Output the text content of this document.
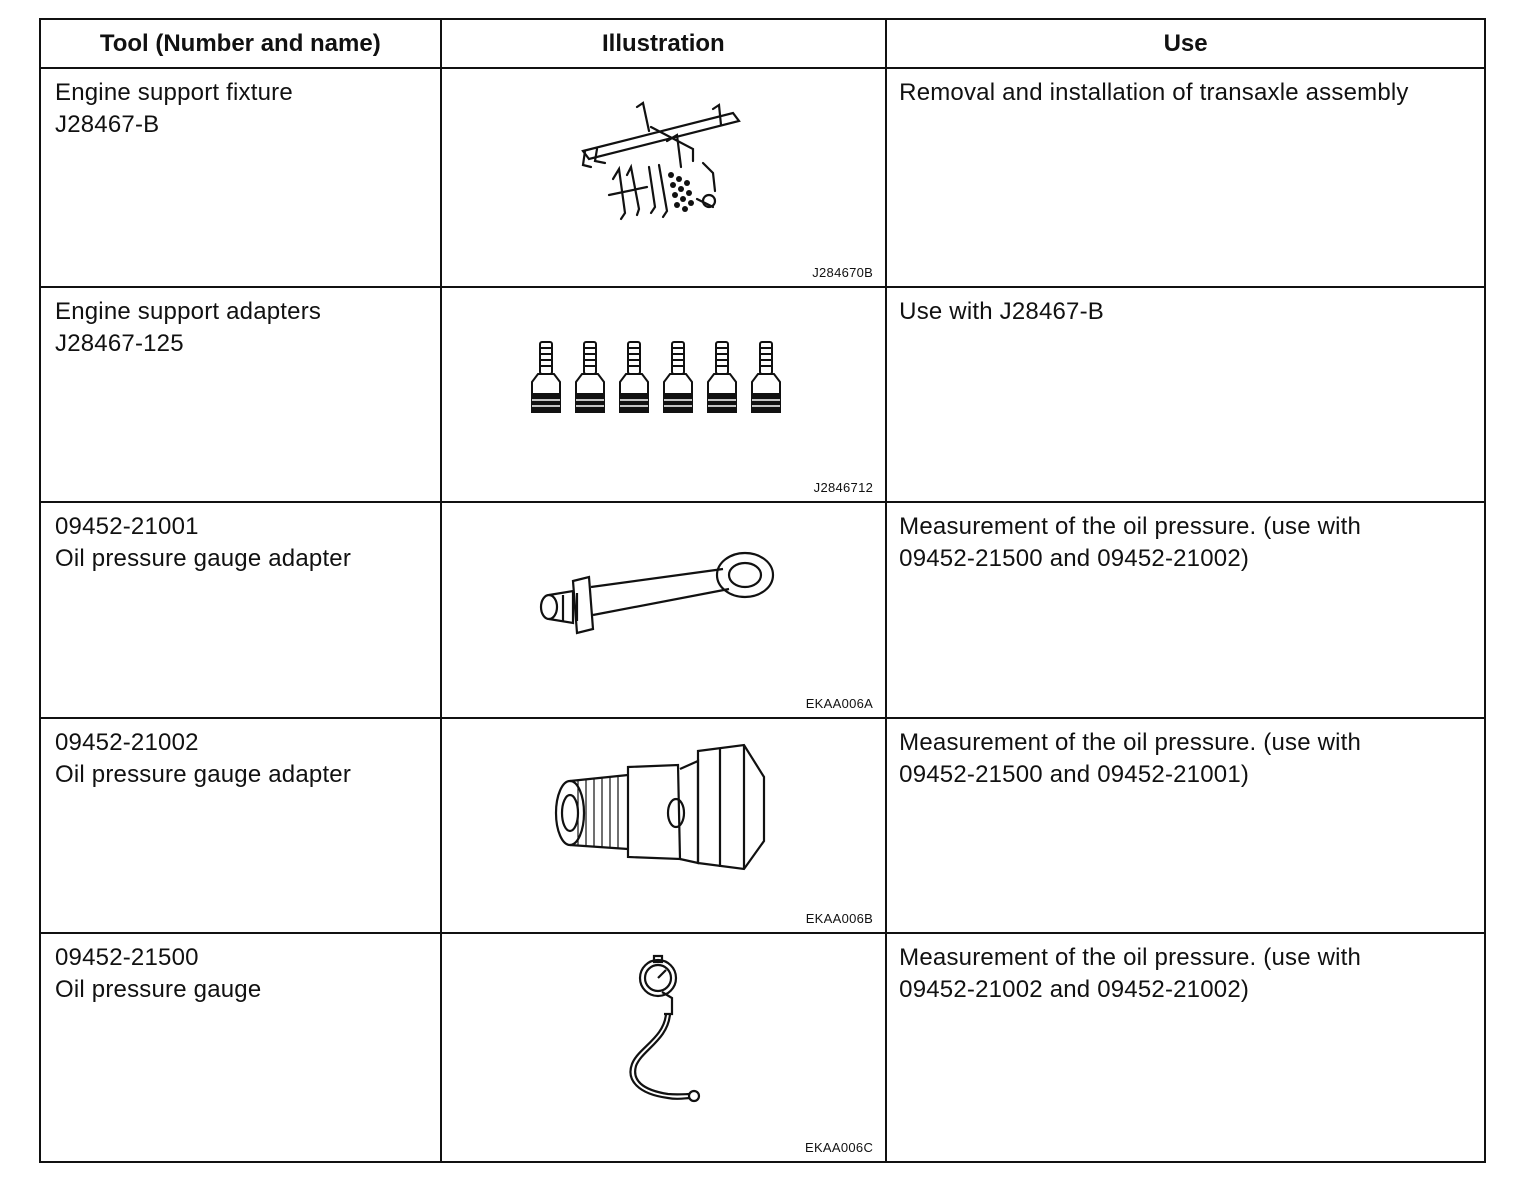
Tool (Number and name)	Illustration	Use

Engine support fixture
J28467-B	J284670B	Removal and installation of transaxle assembly

Engine support adapters
J28467-125	J2846712	Use with J28467-B

09452-21001
Oil pressure gauge adapter	EKAA006A	Measurement of the oil pressure. (use with
09452-21500 and 09452-21002)

09452-21002
Oil pressure gauge adapter	EKAA006B	Measurement of the oil pressure. (use with
09452-21500 and 09452-21001)

09452-21500
Oil pressure gauge	EKAA006C	Measurement of the oil pressure. (use with
09452-21002 and 09452-21002)
